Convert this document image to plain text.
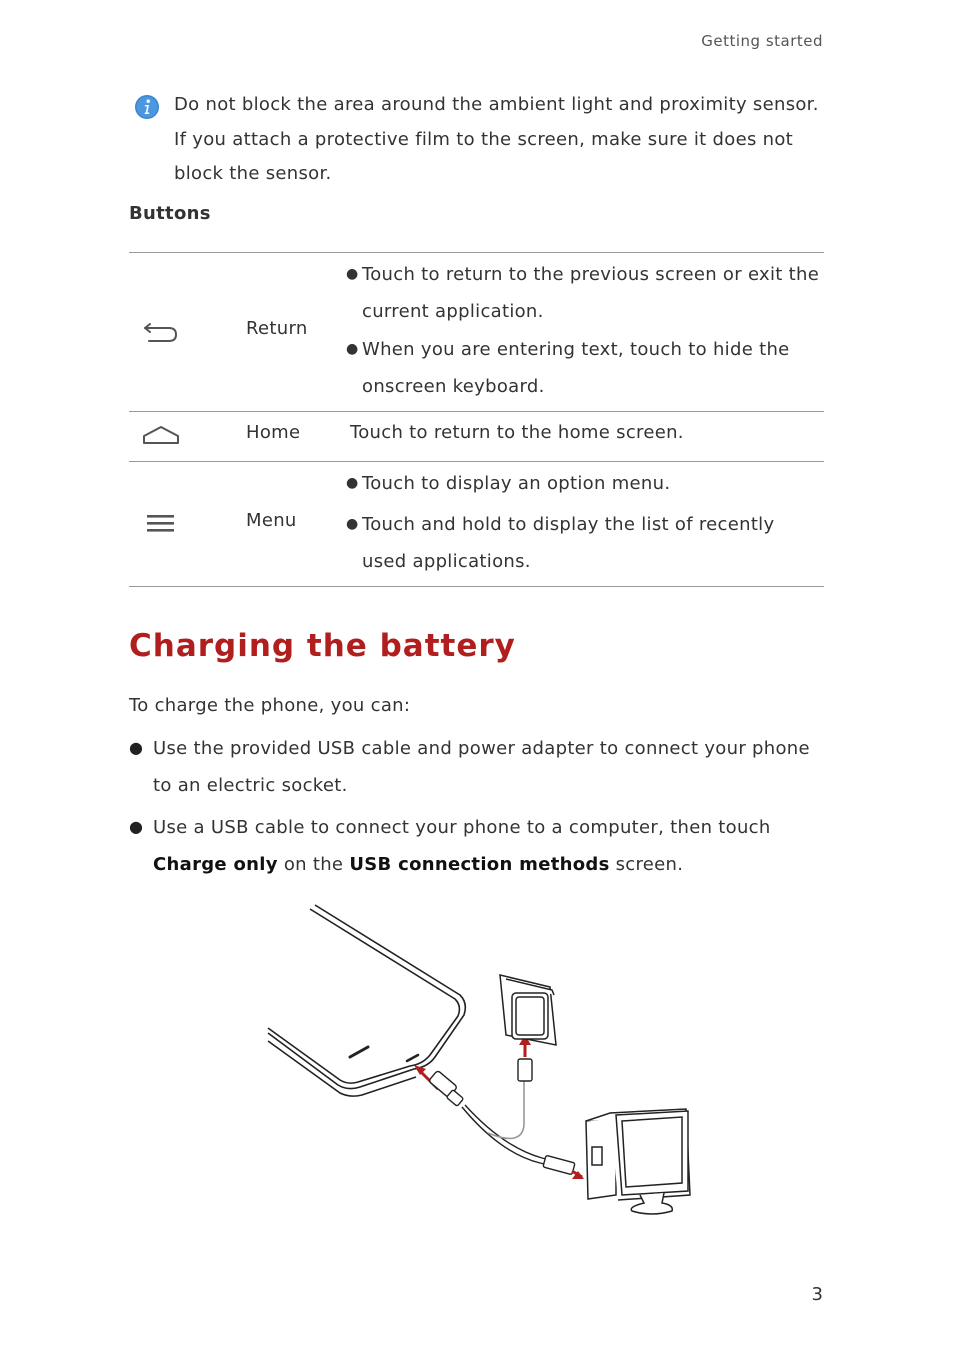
Getting started
Do not block the area around the ambient light and proximity sensor. If you attach a protective film to the screen, make sure it does not block the sensor.
Buttons
Return
● Touch to return to the previous screen or exit the current application.
● When you are entering text, touch to hide the onscreen keyboard.
Home	Touch to return to the home screen.
Menu
● Touch to display an option menu.
● Touch and hold to display the list of recently used applications.
Charging the battery
To charge the phone, you can:
● Use the provided USB cable and power adapter to connect your phone to an electric socket.
● Use a USB cable to connect your phone to a computer, then touch Charge only on the USB connection methods screen.
3
